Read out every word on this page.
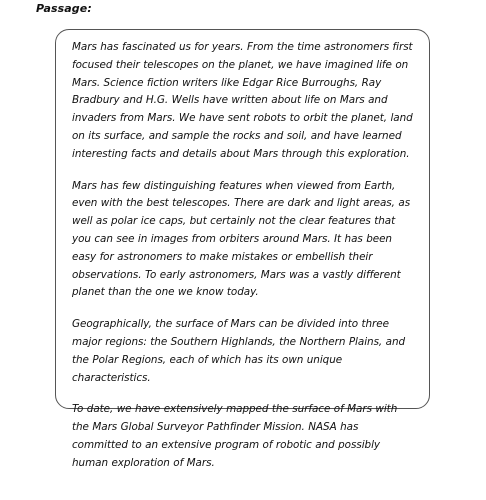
Passage:

Mars has fascinated us for years. From the time astronomers first focused their telescopes on the planet, we have imagined life on Mars. Science fiction writers like Edgar Rice Burroughs, Ray Bradbury and H.G. Wells have written about life on Mars and invaders from Mars. We have sent robots to orbit the planet, land on its surface, and sample the rocks and soil, and have learned interesting facts and details about Mars through this exploration.

Mars has few distinguishing features when viewed from Earth, even with the best telescopes. There are dark and light areas, as well as polar ice caps, but certainly not the clear features that you can see in images from orbiters around Mars. It has been easy for astronomers to make mistakes or embellish their observations. To early astronomers, Mars was a vastly different planet than the one we know today.

Geographically, the surface of Mars can be divided into three major regions: the Southern Highlands, the Northern Plains, and the Polar Regions, each of which has its own unique characteristics.

To date, we have extensively mapped the surface of Mars with the Mars Global Surveyor Pathfinder Mission. NASA has committed to an extensive program of robotic and possibly human exploration of Mars.
